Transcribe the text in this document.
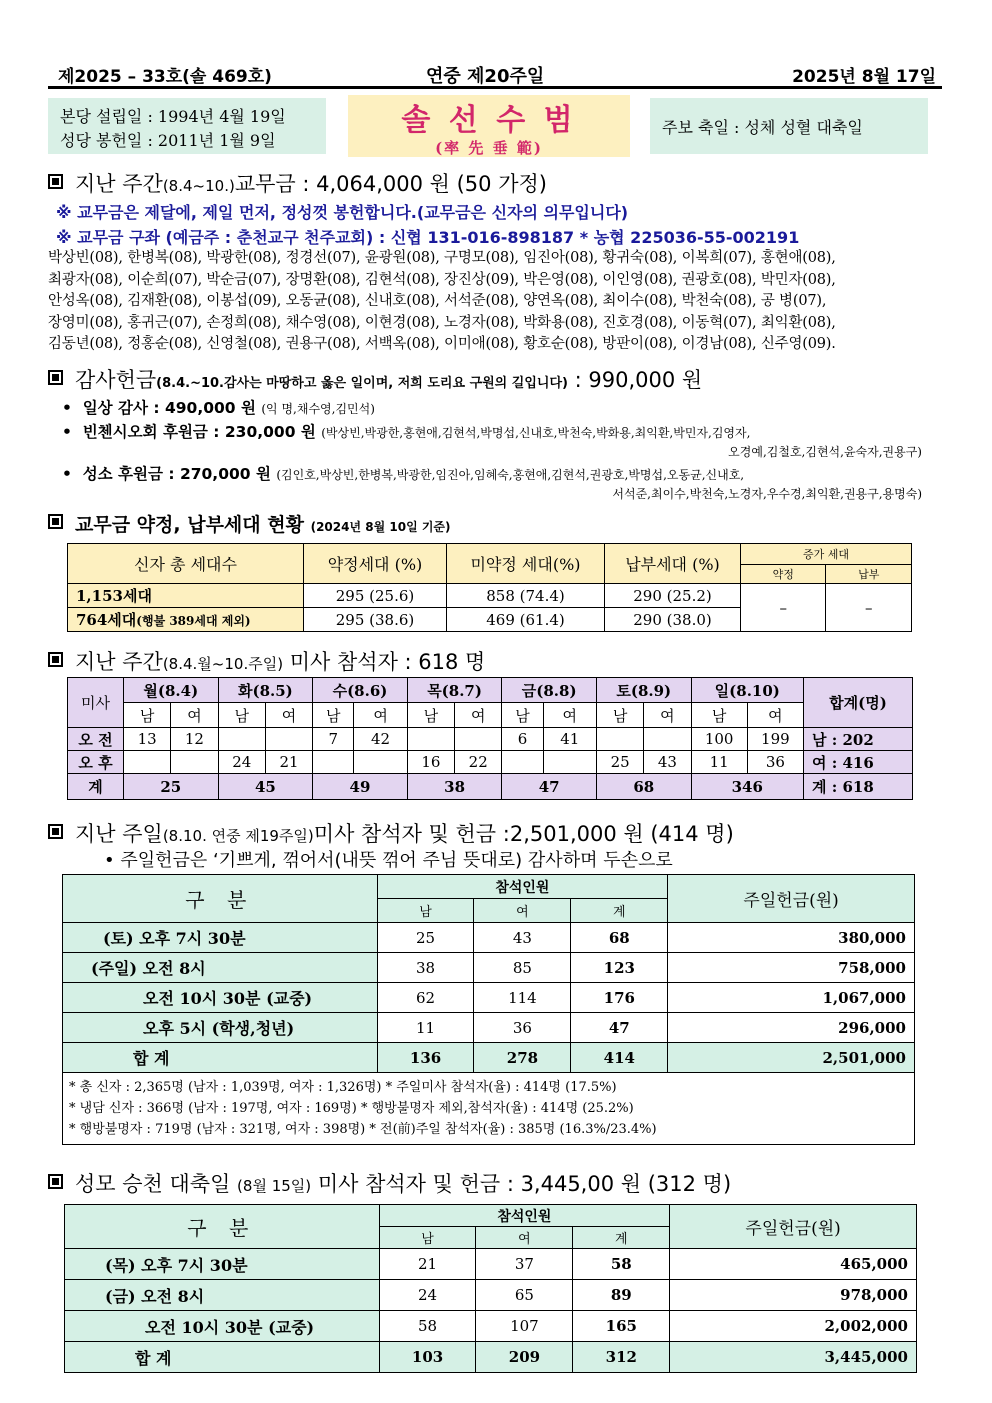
제2025 – 33호(솔 469호)	연중 제20주일	2025년 8월 17일
본당 설립일 : 1994년 4월 19일
성당 봉헌일 : 2011년 1월 9일
솔 선 수 범
(率 先 垂 範)
주보 축일 : 성체 성혈 대축일
지난 주간(8.4~10.)교무금 : 4,064,000 원 (50 가정)
※ 교무금은 제달에, 제일 먼저, 정성껏 봉헌합니다.(교무금은 신자의 의무입니다)
※ 교무금 구좌 (예금주 : 춘천교구 천주교회) : 신협 131-016-898187 * 농협 225036-55-002191
박상빈(08), 한병복(08), 박광한(08), 정경선(07), 윤광원(08), 구명모(08), 임진아(08), 황귀숙(08), 이복희(07), 홍현애(08),
최광자(08), 이순희(07), 박순금(07), 장명환(08), 김현석(08), 장진상(09), 박은영(08), 이인영(08), 권광호(08), 박민자(08),
안성옥(08), 김재환(08), 이봉섭(09), 오동균(08), 신내호(08), 서석준(08), 양연옥(08), 최이수(08), 박천숙(08), 공 병(07),
장영미(08), 홍귀근(07), 손정희(08), 채수영(08), 이현경(08), 노경자(08), 박화용(08), 진호경(08), 이동혁(07), 최익환(08),
김동년(08), 정홍순(08), 신영철(08), 권용구(08), 서백옥(08), 이미애(08), 황호순(08), 방판이(08), 이경남(08), 신주영(09).
감사헌금(8.4.~10.감사는 마땅하고 옳은 일이며, 저희 도리요 구원의 길입니다) : 990,000 원
•  일상 감사 : 490,000 원 (익 명,채수영,김민석)
•  빈첸시오회 후원금 : 230,000 원 (박상빈,박광한,홍현애,김현석,박명섭,신내호,박천숙,박화용,최익환,박민자,김영자,
오경예,김철호,김현석,윤숙자,권용구)
•  성소 후원금 : 270,000 원 (김인호,박상빈,한병복,박광한,임진아,임혜숙,홍현애,김현석,권광호,박명섭,오동균,신내호,
서석준,최이수,박천숙,노경자,우수경,최익환,권용구,용명숙)
교무금 약정, 납부세대 현황 (2024년 8월 10일 기준)
신자 총 세대수	약정세대 (%)	미약정 세대(%)	납부세대 (%)	증가 세대	
				약정	납부
1,153세대	295 (25.6)	858 (74.4)	290 (25.2)	–	–
764세대(행불 389세대 제외)	295 (38.6)	469 (61.4)	290 (38.0)		
지난 주간(8.4.월~10.주일) 미사 참석자 : 618 명
미사	월(8.4)		화(8.5)		수(8.6)		목(8.7)		금(8.8)		토(8.9)		일(8.10)		합계(명)
	남	여	남	여	남	여	남	여	남	여	남	여	남	여	
오 전	13	12			7	42			6	41			100	199	남 : 202
오 후			24	21			16	22			25	43	11	36	여 : 416
계	25		45		49		38		47		68		346		계 : 618
지난 주일(8.10. 연중 제19주일)미사 참석자 및 헌금 :2,501,000 원 (414 명)
• 주일헌금은 ‘기쁘게, 꺾어서(내뜻 꺾어 주님 뜻대로) 감사하며 두손으로
구 분	참석인원			주일헌금(원)
	남	여	계	
(토) 오후 7시 30분	25	43	68	380,000
(주일) 오전 8시	38	85	123	758,000
오전 10시 30분 (교중)	62	114	176	1,067,000
오후 5시 (학생,청년)	11	36	47	296,000
합 계	136	278	414	2,501,000

* 총 신자 : 2,365명 (남자 : 1,039명, 여자 : 1,326명) * 주일미사 참석자(율) : 414명 (17.5%)
* 냉담 신자 : 366명 (남자 : 197명, 여자 : 169명) * 행방불명자 제외,참석자(율) : 414명 (25.2%)
* 행방불명자 : 719명 (남자 : 321명, 여자 : 398명) * 전(前)주일 참석자(율) : 385명 (16.3%/23.4%)				
성모 승천 대축일 (8월 15일) 미사 참석자 및 헌금 : 3,445,00 원 (312 명)
구 분	참석인원			주일헌금(원)
	남	여	계	
(목) 오후 7시 30분	21	37	58	465,000
(금) 오전 8시	24	65	89	978,000
오전 10시 30분 (교중)	58	107	165	2,002,000
합 계	103	209	312	3,445,000
